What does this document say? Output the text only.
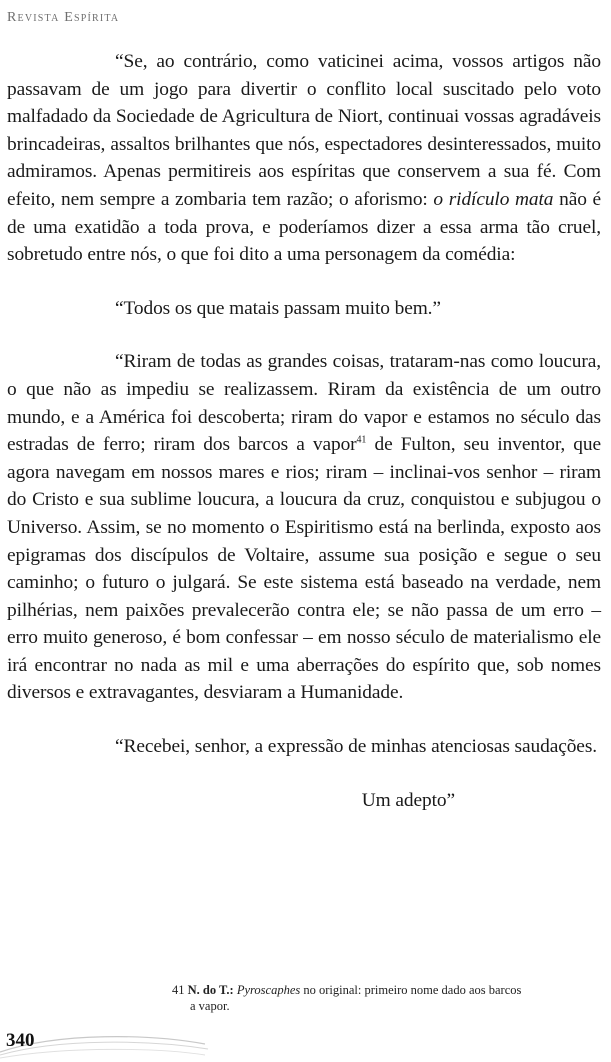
Revista Espírita

“Se, ao contrário, como vaticinei acima, vossos artigos não passavam de um jogo para divertir o conflito local suscitado pelo voto malfadado da Sociedade de Agricultura de Niort, continuai vossas agradáveis brincadeiras, assaltos brilhantes que nós, espectadores desinteressados, muito admiramos. Apenas permitireis aos espíritas que conservem a sua fé. Com efeito, nem sempre a zombaria tem razão; o aforismo: o ridículo mata não é de uma exatidão a toda prova, e poderíamos dizer a essa arma tão cruel, sobretudo entre nós, o que foi dito a uma personagem da comédia:

“Todos os que matais passam muito bem.”

“Riram de todas as grandes coisas, trataram-nas como loucura, o que não as impediu se realizassem. Riram da existência de um outro mundo, e a América foi descoberta; riram do vapor e estamos no século das estradas de ferro; riram dos barcos a vapor$^{41}$ de Fulton, seu inventor, que agora navegam em nossos mares e rios; riram – inclinai-vos senhor – riram do Cristo e sua sublime loucura, a loucura da cruz, conquistou e subjugou o Universo. Assim, se no momento o Espiritismo está na berlinda, exposto aos epigramas dos discípulos de Voltaire, assume sua posição e segue o seu caminho; o futuro o julgará. Se este sistema está baseado na verdade, nem pilhérias, nem paixões prevalecerão contra ele; se não passa de um erro – erro muito generoso, é bom confessar – em nosso século de materialismo ele irá encontrar no nada as mil e uma aberrações do espírito que, sob nomes diversos e extravagantes, desviaram a Humanidade.

“Recebei, senhor, a expressão de minhas atenciosas saudações.

Um adepto”

41 N. do T.: Pyroscaphes no original: primeiro nome dado aos barcos
a vapor.
340
